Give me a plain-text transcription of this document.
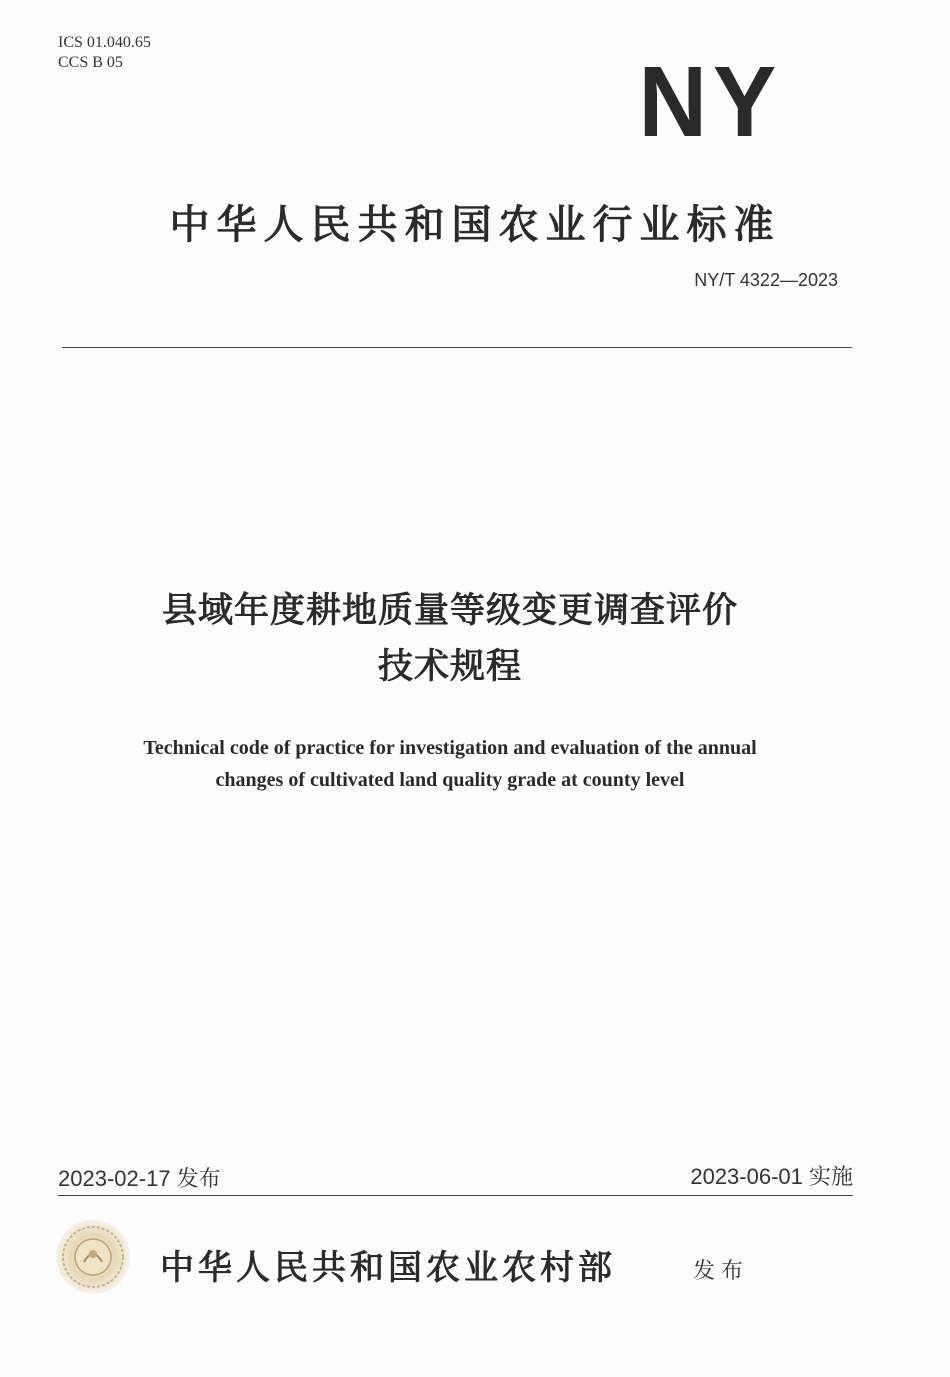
ICS 01.040.65
CCS B 05	NY
中华人民共和国农业行业标准
NY/T 4322—2023
县域年度耕地质量等级变更调查评价
技术规程
Technical code of practice for investigation and evaluation of the annual
changes of cultivated land quality grade at county level
2023-02-17 发布	2023-06-01 实施
中华人民共和国农业农村部	发布
